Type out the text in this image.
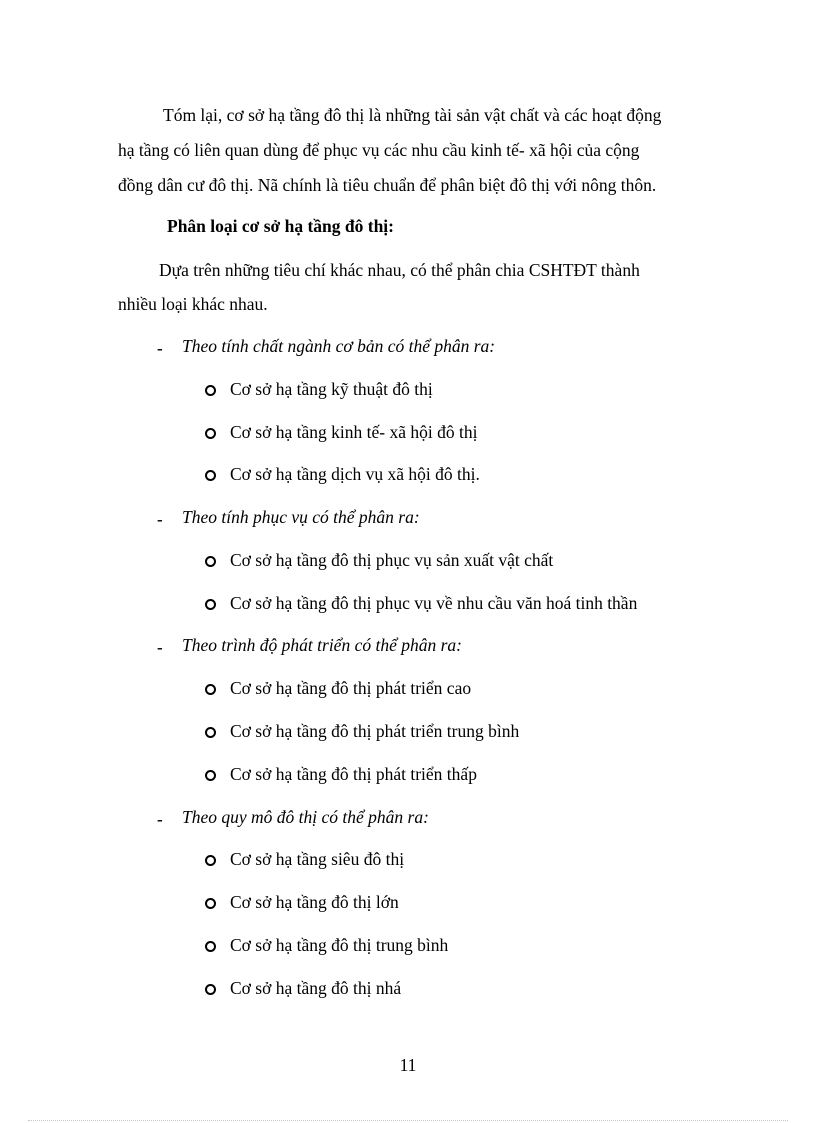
Tóm lại, cơ sở hạ tầng đô thị là những tài sản vật chất và các hoạt động
hạ tầng có liên quan dùng để phục vụ các nhu cầu kinh tế- xã hội của cộng
đồng dân cư đô thị. Nã chính là tiêu chuẩn để phân biệt đô thị với nông thôn.
Phân loại cơ sở hạ tầng đô thị:
Dựa trên những tiêu chí khác nhau, có thể phân chia CSHTĐT thành
nhiều loại khác nhau.
- Theo tính chất ngành cơ bản có thể phân ra:
Cơ sở hạ tầng kỹ thuật đô thị
Cơ sở hạ tầng kinh tế- xã hội đô thị
Cơ sở hạ tầng dịch vụ xã hội đô thị.
- Theo tính phục vụ có thể phân ra:
Cơ sở hạ tầng đô thị phục vụ sản xuất vật chất
Cơ sở hạ tầng đô thị phục vụ về nhu cầu văn hoá tinh thần
- Theo trình độ phát triển có thể phân ra:
Cơ sở hạ tầng đô thị phát triển cao
Cơ sở hạ tầng đô thị phát triển trung bình
Cơ sở hạ tầng đô thị phát triển thấp
- Theo quy mô đô thị có thể phân ra:
Cơ sở hạ tầng siêu đô thị
Cơ sở hạ tầng đô thị lớn
Cơ sở hạ tầng đô thị trung bình
Cơ sở hạ tầng đô thị nhá
11
